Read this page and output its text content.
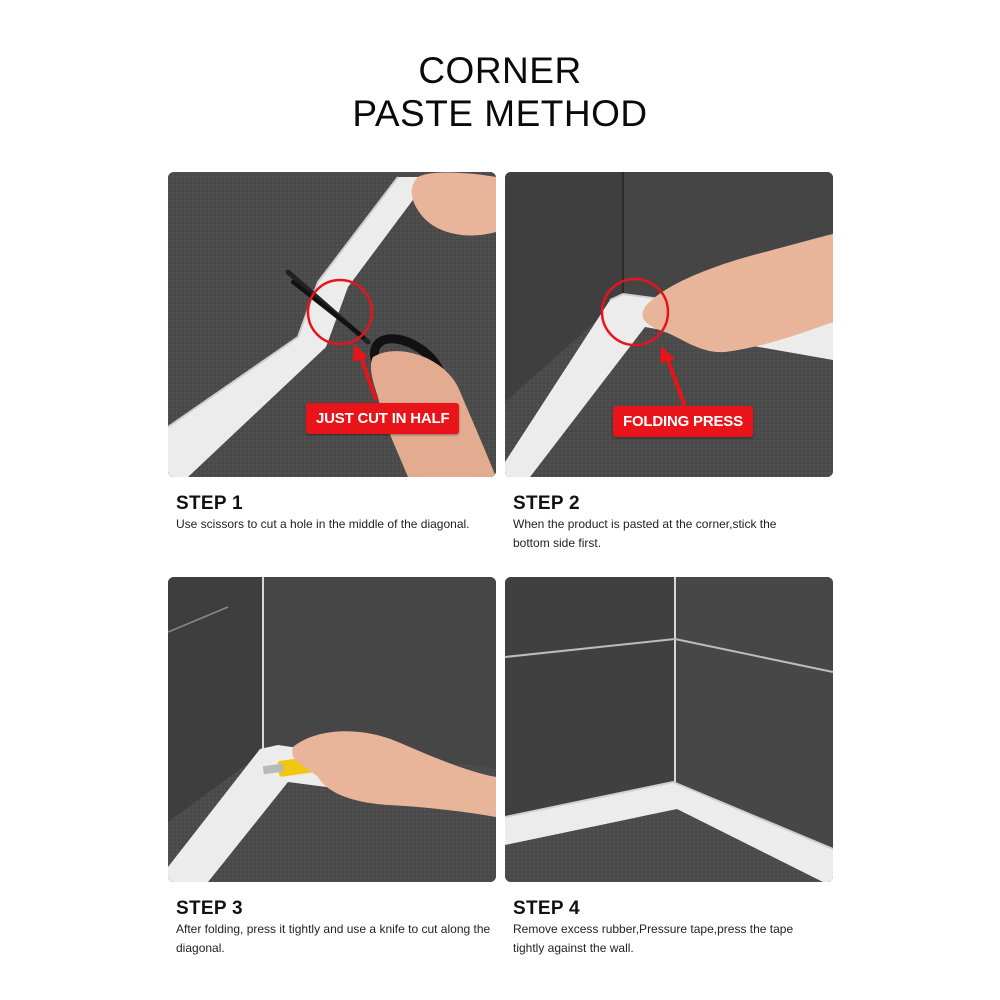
CORNER
PASTE METHOD
JUST CUT IN HALF	FOLDING PRESS
STEP 1
Use scissors to cut a hole in the middle of the diagonal.
STEP 2
When the product is pasted at the corner,stick the bottom side first.
STEP 3
After folding, press it tightly and use a knife to cut along the diagonal.
STEP 4
Remove excess rubber,Pressure tape,press the tape tightly against the wall.
